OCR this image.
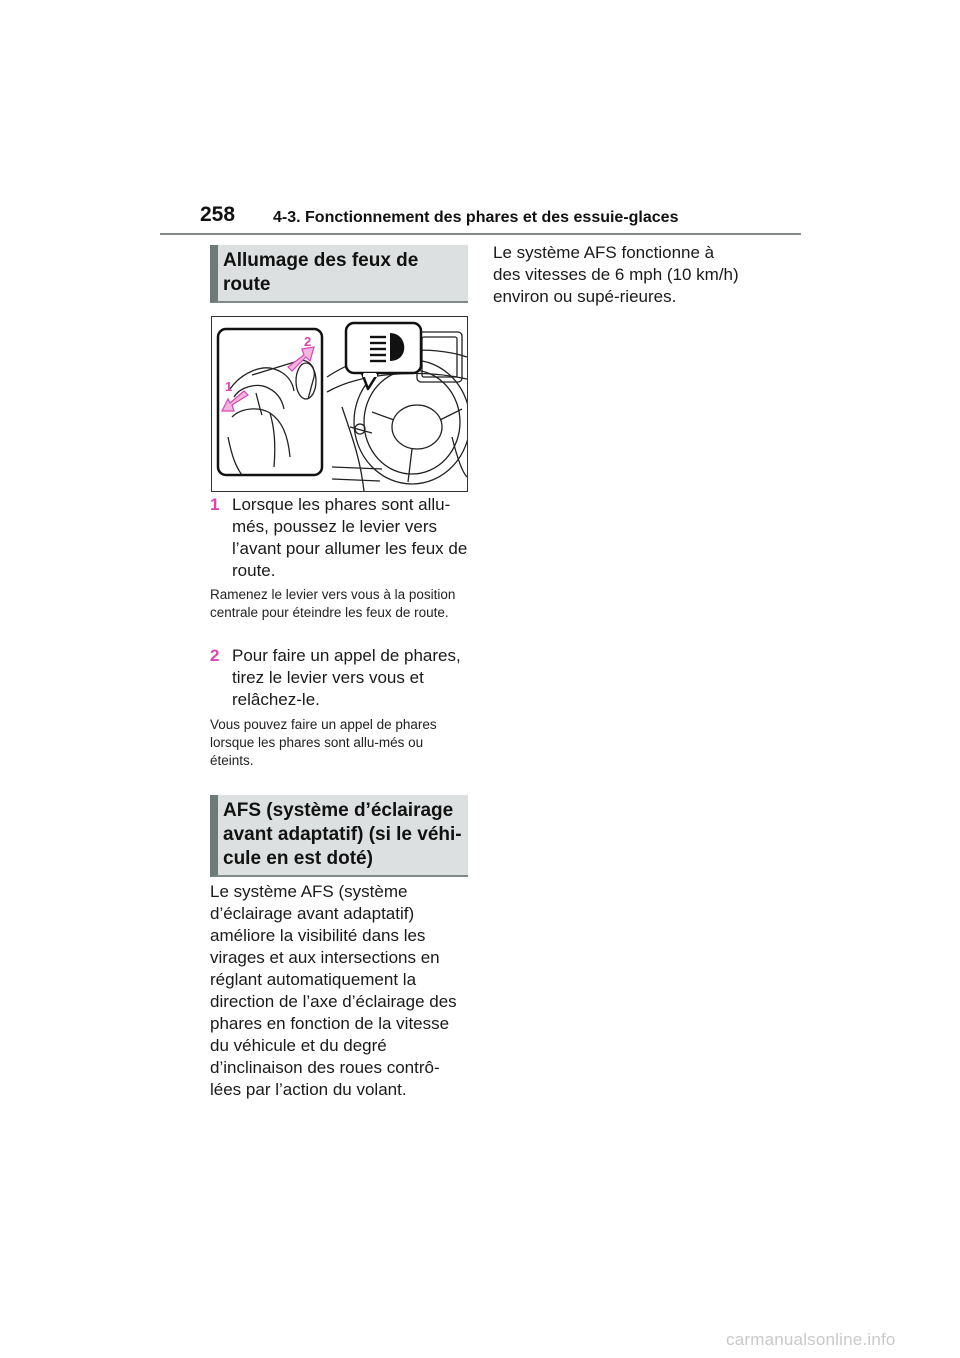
258 4-3. Fonctionnement des phares et des essuie-glaces
Allumage des feux de route
2
1
1 Lorsque les phares sont allu-més, poussez le levier vers l’avant pour allumer les feux de route.
Ramenez le levier vers vous à la position centrale pour éteindre les feux de route.
2 Pour faire un appel de phares, tirez le levier vers vous et relâchez-le.
Vous pouvez faire un appel de phares lorsque les phares sont allu-més ou éteints.
AFS (système d’éclairage avant adaptatif) (si le véhi-cule en est doté)
Le système AFS (système d’éclairage avant adaptatif) améliore la visibilité dans les virages et aux intersections en réglant automatiquement la direction de l’axe d’éclairage des phares en fonction de la vitesse du véhicule et du degré d’inclinaison des roues contrô-lées par l’action du volant.
Le système AFS fonctionne à des vitesses de 6 mph (10 km/h) environ ou supé-rieures.
carmanualsonline.info
